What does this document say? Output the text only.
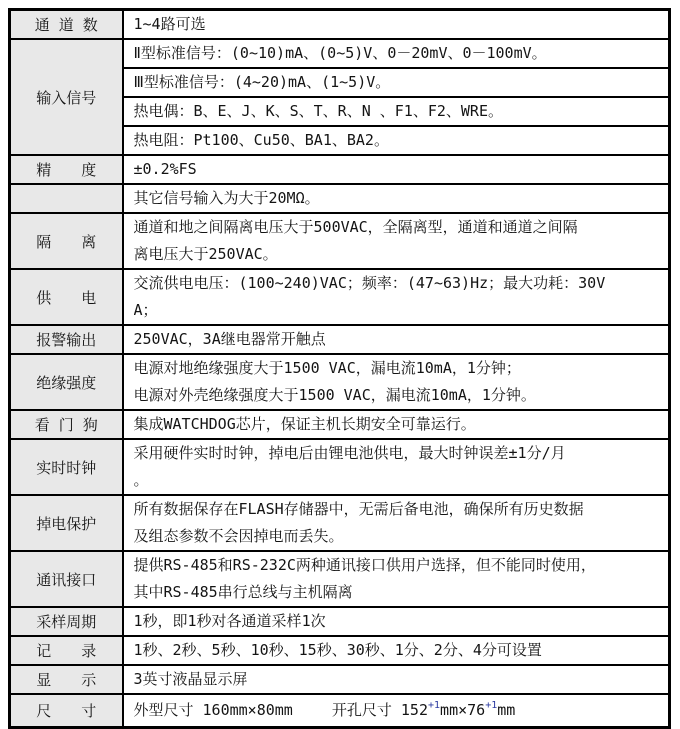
通 道 数	1~4路可选

输入信号	Ⅱ型标准信号：(0~10)mA、(0~5)V、0－20mV、0－100mV。

	Ⅲ型标准信号：(4~20)mA、(1~5)V。

	热电偶：B、E、J、K、S、T、R、N 、F1、F2、WRE。

	热电阻：Pt100、Cu50、BA1、BA2。

精　　度	±0.2%FS

	其它信号输入为大于20MΩ。

隔　　离	通道和地之间隔离电压大于500VAC，全隔离型，通道和通道之间隔
离电压大于250VAC。

供　　电	交流供电电压：(100~240)VAC；频率：(47~63)Hz；最大功耗：30V
A；

报警输出	250VAC，3A继电器常开触点

绝缘强度	电源对地绝缘强度大于1500 VAC，漏电流10mA，1分钟；
电源对外壳绝缘强度大于1500 VAC，漏电流10mA，1分钟。

看 门 狗	集成WATCHDOG芯片，保证主机长期安全可靠运行。

实时时钟	采用硬件实时时钟，掉电后由锂电池供电，最大时钟误差±1分/月
。

掉电保护	所有数据保存在FLASH存储器中，无需后备电池，确保所有历史数据
及组态参数不会因掉电而丢失。

通讯接口	提供RS-485和RS-232C两种通讯接口供用户选择，但不能同时使用，
其中RS-485串行总线与主机隔离

采样周期	1秒，即1秒对各通道采样1次

记　　录	1秒、2秒、5秒、10秒、15秒、30秒、1分、2分、4分可设置

显　　示	3英寸液晶显示屏

尺　　寸	外型尺寸 160mm×80mm　　 开孔尺寸 $152^{+1}mm\times 76^{+1}mm$
